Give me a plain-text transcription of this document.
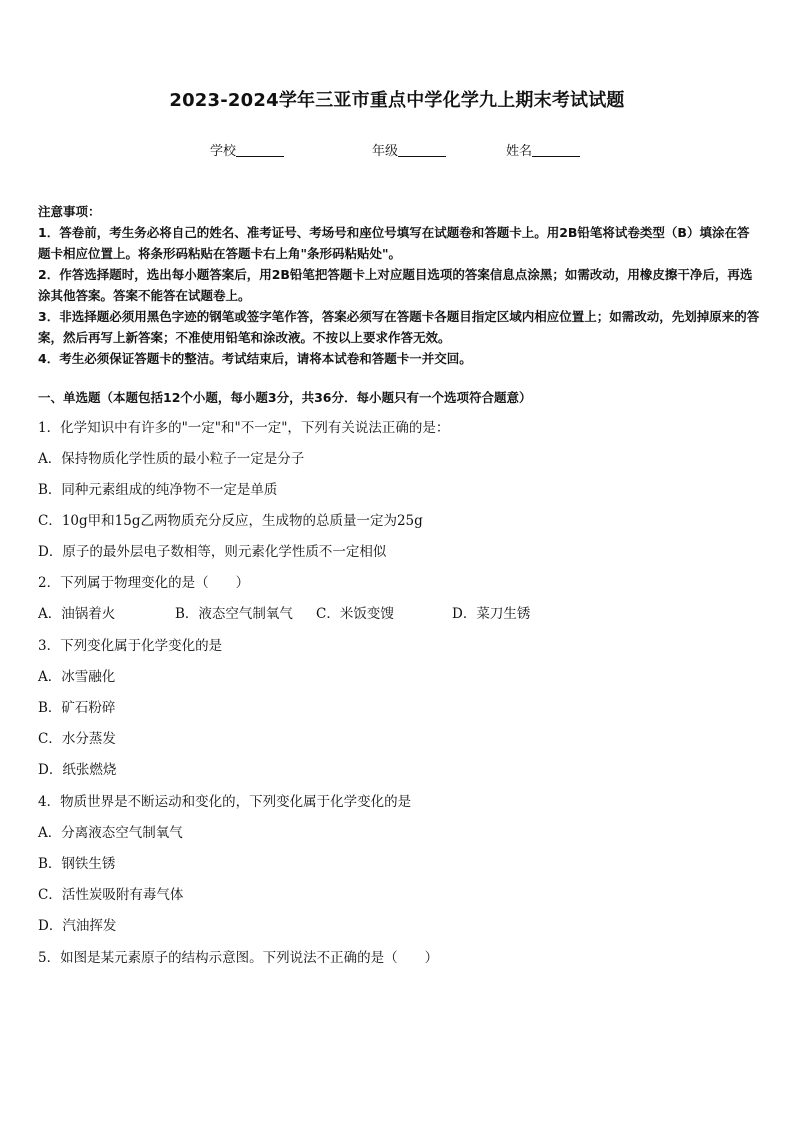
2023-2024学年三亚市重点中学化学九上期末考试试题
学校	年级	姓名

注意事项：

1．答卷前，考生务必将自己的姓名、准考证号、考场号和座位号填写在试题卷和答题卡上。用2B铅笔将试卷类型（B）填涂在答题卡相应位置上。将条形码粘贴在答题卡右上角"条形码粘贴处"。

2．作答选择题时，选出每小题答案后，用2B铅笔把答题卡上对应题目选项的答案信息点涂黑；如需改动，用橡皮擦干净后，再选涂其他答案。答案不能答在试题卷上。

3．非选择题必须用黑色字迹的钢笔或签字笔作答，答案必须写在答题卡各题目指定区域内相应位置上；如需改动，先划掉原来的答案，然后再写上新答案；不准使用铅笔和涂改液。不按以上要求作答无效。

4．考生必须保证答题卡的整洁。考试结束后，请将本试卷和答题卡一并交回。

一、单选题（本题包括12个小题，每小题3分，共36分．每小题只有一个选项符合题意）
1．化学知识中有许多的"一定"和"不一定"，下列有关说法正确的是：
A．保持物质化学性质的最小粒子一定是分子
B．同种元素组成的纯净物不一定是单质
C．10g甲和15g乙两物质充分反应，生成物的总质量一定为25g
D．原子的最外层电子数相等，则元素化学性质不一定相似
2．下列属于物理变化的是（　　）
A．油锅着火	B．液态空气制氧气 C．米饭变馊	D．菜刀生锈
3．下列变化属于化学变化的是
A．冰雪融化
B．矿石粉碎
C．水分蒸发
D．纸张燃烧
4．物质世界是不断运动和变化的，下列变化属于化学变化的是
A．分离液态空气制氧气
B．钢铁生锈
C．活性炭吸附有毒气体
D．汽油挥发
5．如图是某元素原子的结构示意图。下列说法不正确的是（　　）
